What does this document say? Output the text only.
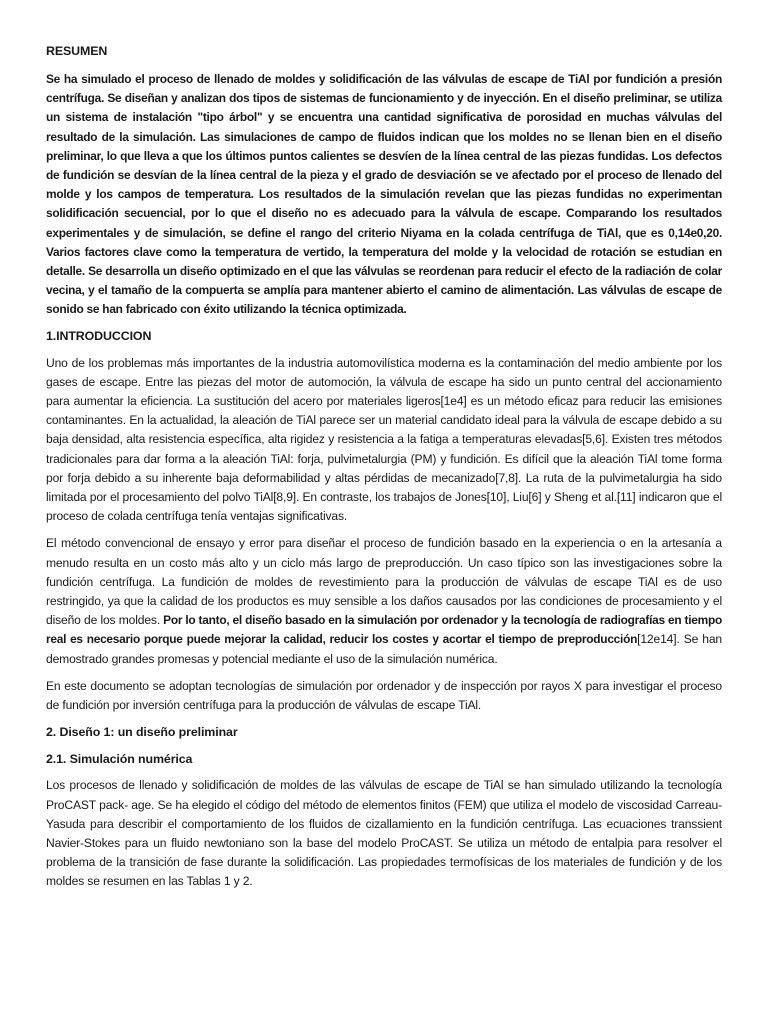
RESUMEN

Se ha simulado el proceso de llenado de moldes y solidificación de las válvulas de escape de TiAl por fundición a presión centrífuga. Se diseñan y analizan dos tipos de sistemas de funcionamiento y de inyección. En el diseño preliminar, se utiliza un sistema de instalación "tipo árbol" y se encuentra una cantidad significativa de porosidad en muchas válvulas del resultado de la simulación. Las simulaciones de campo de fluidos indican que los moldes no se llenan bien en el diseño preliminar, lo que lleva a que los últimos puntos calientes se desvíen de la línea central de las piezas fundidas. Los defectos de fundición se desvían de la línea central de la pieza y el grado de desviación se ve afectado por el proceso de llenado del molde y los campos de temperatura. Los resultados de la simulación revelan que las piezas fundidas no experimentan solidificación secuencial, por lo que el diseño no es adecuado para la válvula de escape. Comparando los resultados experimentales y de simulación, se define el rango del criterio Niyama en la colada centrífuga de TiAl, que es 0,14e0,20. Varios factores clave como la temperatura de vertido, la temperatura del molde y la velocidad de rotación se estudian en detalle. Se desarrolla un diseño optimizado en el que las válvulas se reordenan para reducir el efecto de la radiación de colar vecina, y el tamaño de la compuerta se amplía para mantener abierto el camino de alimentación. Las válvulas de escape de sonido se han fabricado con éxito utilizando la técnica optimizada.

1.INTRODUCCION

Uno de los problemas más importantes de la industria automovilística moderna es la contaminación del medio ambiente por los gases de escape. Entre las piezas del motor de automoción, la válvula de escape ha sido un punto central del accionamiento para aumentar la eficiencia. La sustitución del acero por materiales ligeros[1e4] es un método eficaz para reducir las emisiones contaminantes. En la actualidad, la aleación de TiAl parece ser un material candidato ideal para la válvula de escape debido a su baja densidad, alta resistencia específica, alta rigidez y resistencia a la fatiga a temperaturas elevadas[5,6]. Existen tres métodos tradicionales para dar forma a la aleación TiAl: forja, pulvimetalurgia (PM) y fundición. Es difícil que la aleación TiAl tome forma por forja debido a su inherente baja deformabilidad y altas pérdidas de mecanizado[7,8]. La ruta de la pulvimetalurgia ha sido limitada por el procesamiento del polvo TiAl[8,9]. En contraste, los trabajos de Jones[10], Liu[6] y Sheng et al.[11] indicaron que el proceso de colada centrífuga tenía ventajas significativas.

El método convencional de ensayo y error para diseñar el proceso de fundición basado en la experiencia o en la artesanía a menudo resulta en un costo más alto y un ciclo más largo de preproducción. Un caso típico son las investigaciones sobre la fundición centrífuga. La fundición de moldes de revestimiento para la producción de válvulas de escape TiAl es de uso restringido, ya que la calidad de los productos es muy sensible a los daños causados por las condiciones de procesamiento y el diseño de los moldes. Por lo tanto, el diseño basado en la simulación por ordenador y la tecnología de radiografías en tiempo real es necesario porque puede mejorar la calidad, reducir los costes y acortar el tiempo de preproducción[12e14]. Se han demostrado grandes promesas y potencial mediante el uso de la simulación numérica.

En este documento se adoptan tecnologías de simulación por ordenador y de inspección por rayos X para investigar el proceso de fundición por inversión centrífuga para la producción de válvulas de escape TiAl.

2. Diseño 1: un diseño preliminar
2.1. Simulación numérica

Los procesos de llenado y solidificación de moldes de las válvulas de escape de TiAl se han simulado utilizando la tecnología ProCAST pack- age. Se ha elegido el código del método de elementos finitos (FEM) que utiliza el modelo de viscosidad Carreau-Yasuda para describir el comportamiento de los fluidos de cizallamiento en la fundición centrífuga. Las ecuaciones transsient Navier-Stokes para un fluido newtoniano son la base del modelo ProCAST. Se utiliza un método de entalpia para resolver el problema de la transición de fase durante la solidificación. Las propiedades termofísicas de los materiales de fundición y de los moldes se resumen en las Tablas 1 y 2.
